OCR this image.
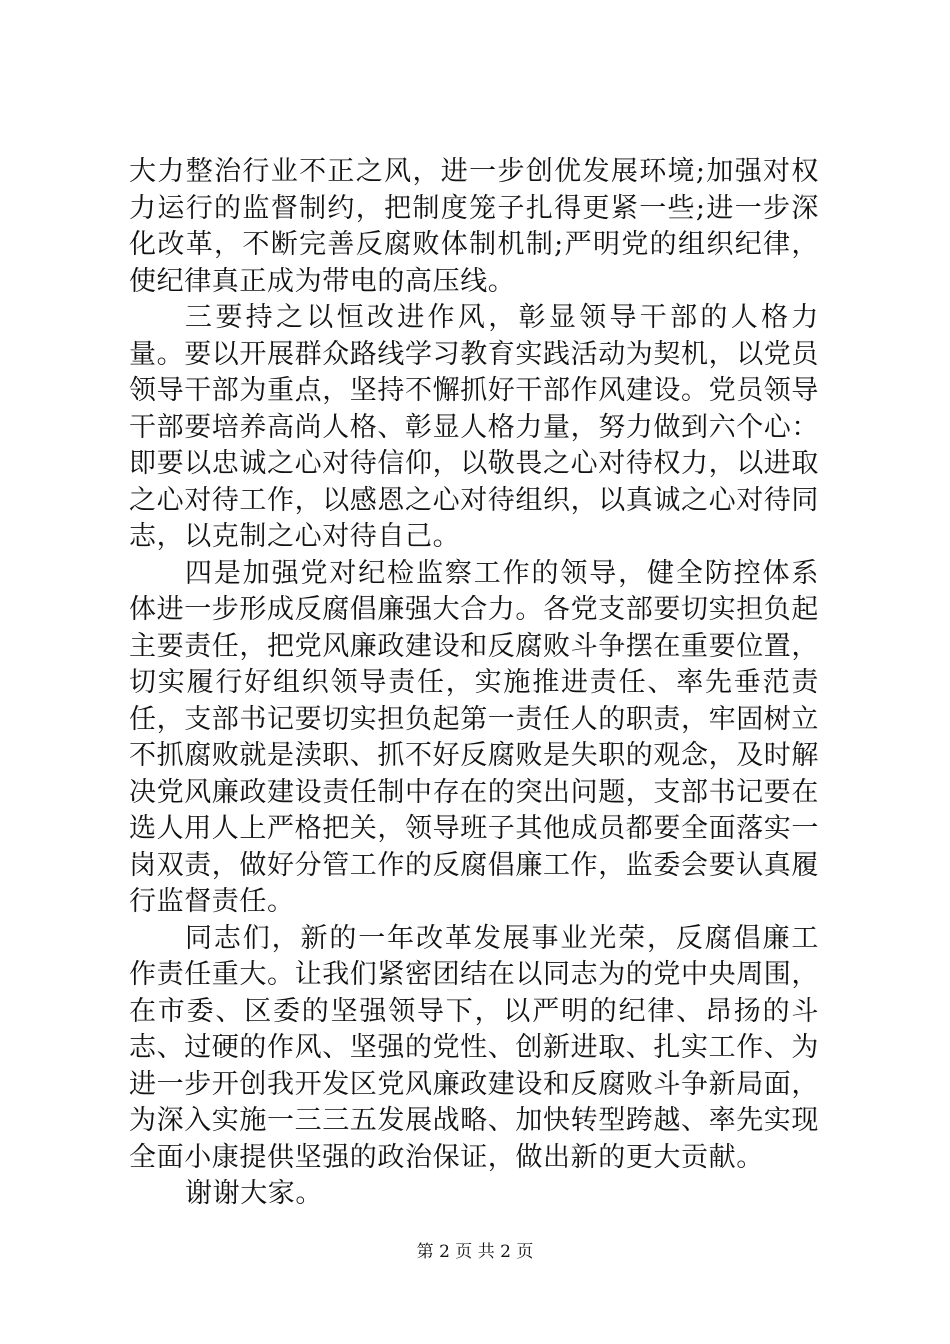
大力整治行业不正之风，进一步创优发展环境;加强对权力运行的监督制约，把制度笼子扎得更紧一些;进一步深化改革，不断完善反腐败体制机制;严明党的组织纪律，使纪律真正成为带电的高压线。

三要持之以恒改进作风，彰显领导干部的人格力量。要以开展群众路线学习教育实践活动为契机，以党员领导干部为重点，坚持不懈抓好干部作风建设。党员领导干部要培养高尚人格、彰显人格力量，努力做到六个心：即要以忠诚之心对待信仰，以敬畏之心对待权力，以进取之心对待工作，以感恩之心对待组织，以真诚之心对待同志，以克制之心对待自己。

四是加强党对纪检监察工作的领导，健全防控体系体进一步形成反腐倡廉强大合力。各党支部要切实担负起主要责任，把党风廉政建设和反腐败斗争摆在重要位置，切实履行好组织领导责任，实施推进责任、率先垂范责任，支部书记要切实担负起第一责任人的职责，牢固树立不抓腐败就是渎职、抓不好反腐败是失职的观念，及时解决党风廉政建设责任制中存在的突出问题，支部书记要在选人用人上严格把关，领导班子其他成员都要全面落实一岗双责，做好分管工作的反腐倡廉工作，监委会要认真履行监督责任。

同志们，新的一年改革发展事业光荣，反腐倡廉工作责任重大。让我们紧密团结在以同志为的党中央周围，在市委、区委的坚强领导下，以严明的纪律、昂扬的斗志、过硬的作风、坚强的党性、创新进取、扎实工作、为进一步开创我开发区党风廉政建设和反腐败斗争新局面，为深入实施一三三五发展战略、加快转型跨越、率先实现全面小康提供坚强的政治保证，做出新的更大贡献。

谢谢大家。

第 2 页 共 2 页
